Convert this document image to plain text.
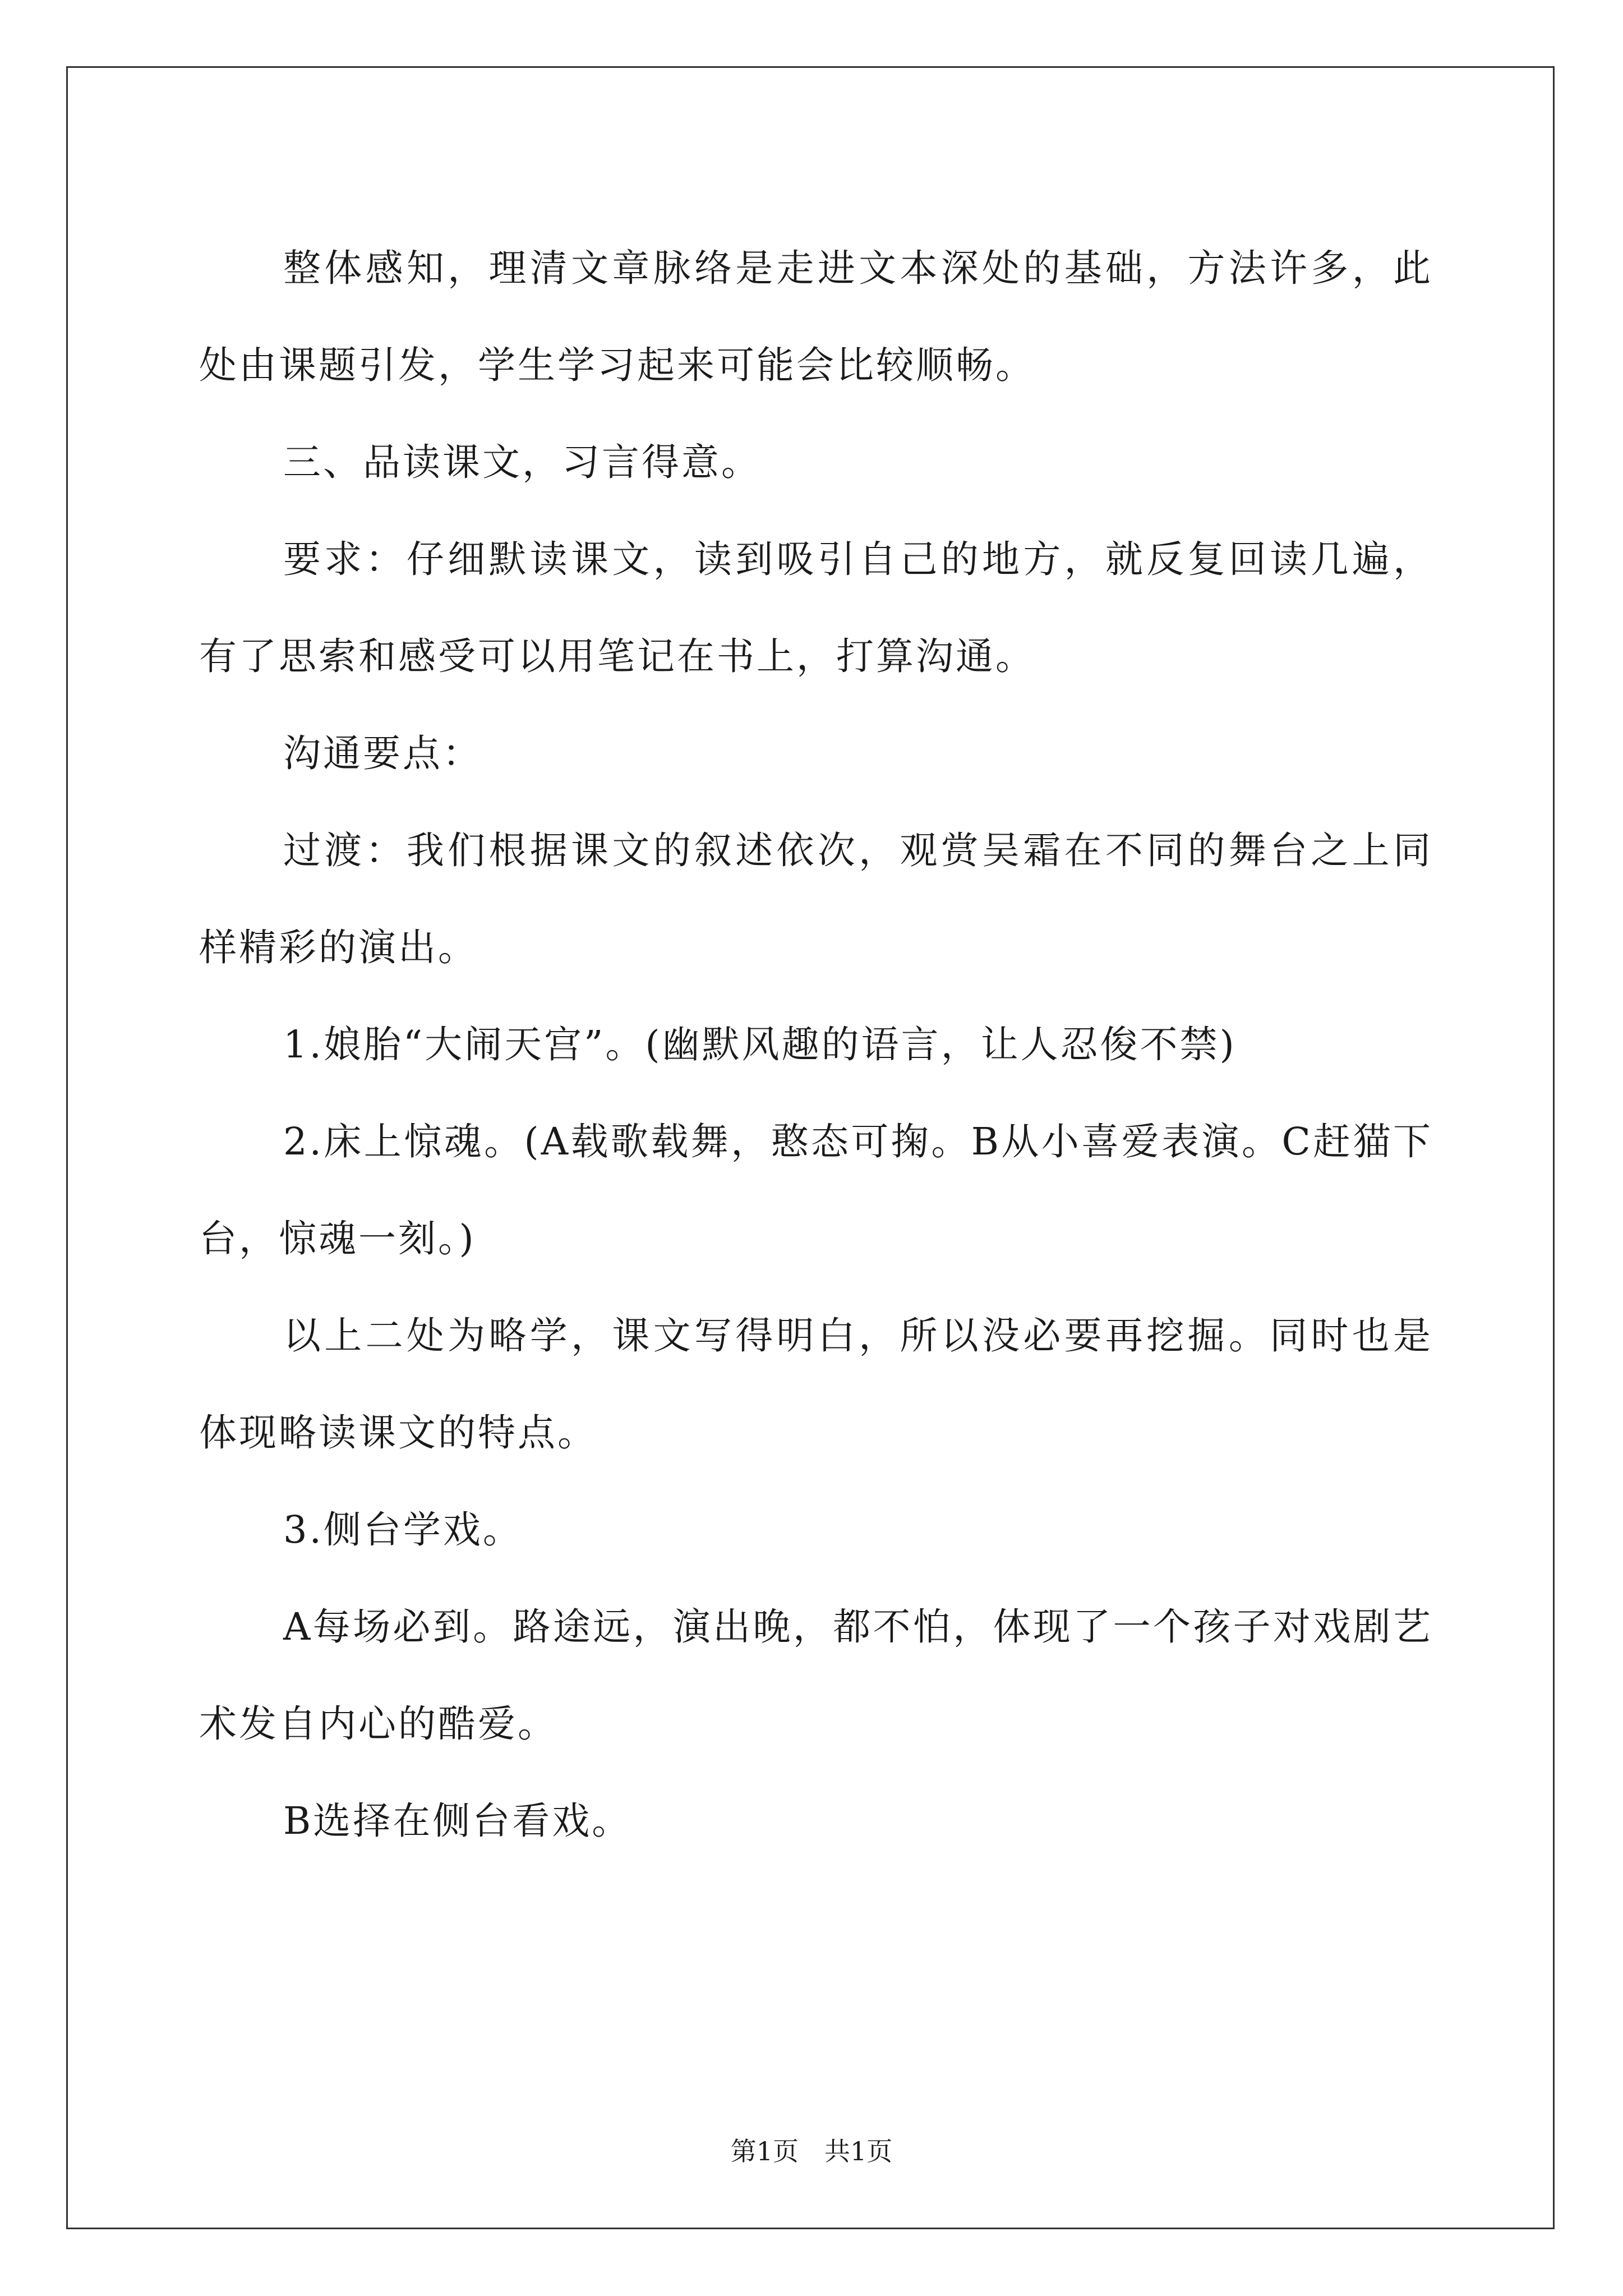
整体感知，理清文章脉络是走进文本深处的基础，方法许多，此处由课题引发，学生学习起来可能会比较顺畅。

三、品读课文，习言得意。

要求：仔细默读课文，读到吸引自己的地方，就反复回读几遍，有了思索和感受可以用笔记在书上，打算沟通。

沟通要点：

过渡：我们根据课文的叙述依次，观赏吴霜在不同的舞台之上同样精彩的演出。

1.娘胎“大闹天宫”。(幽默风趣的语言，让人忍俊不禁)

2.床上惊魂。(A载歌载舞，憨态可掬。B从小喜爱表演。C赶猫下台，惊魂一刻。)

以上二处为略学，课文写得明白，所以没必要再挖掘。同时也是体现略读课文的特点。

3.侧台学戏。

A每场必到。路途远，演出晚，都不怕，体现了一个孩子对戏剧艺术发自内心的酷爱。

B选择在侧台看戏。

第1页 共1页
